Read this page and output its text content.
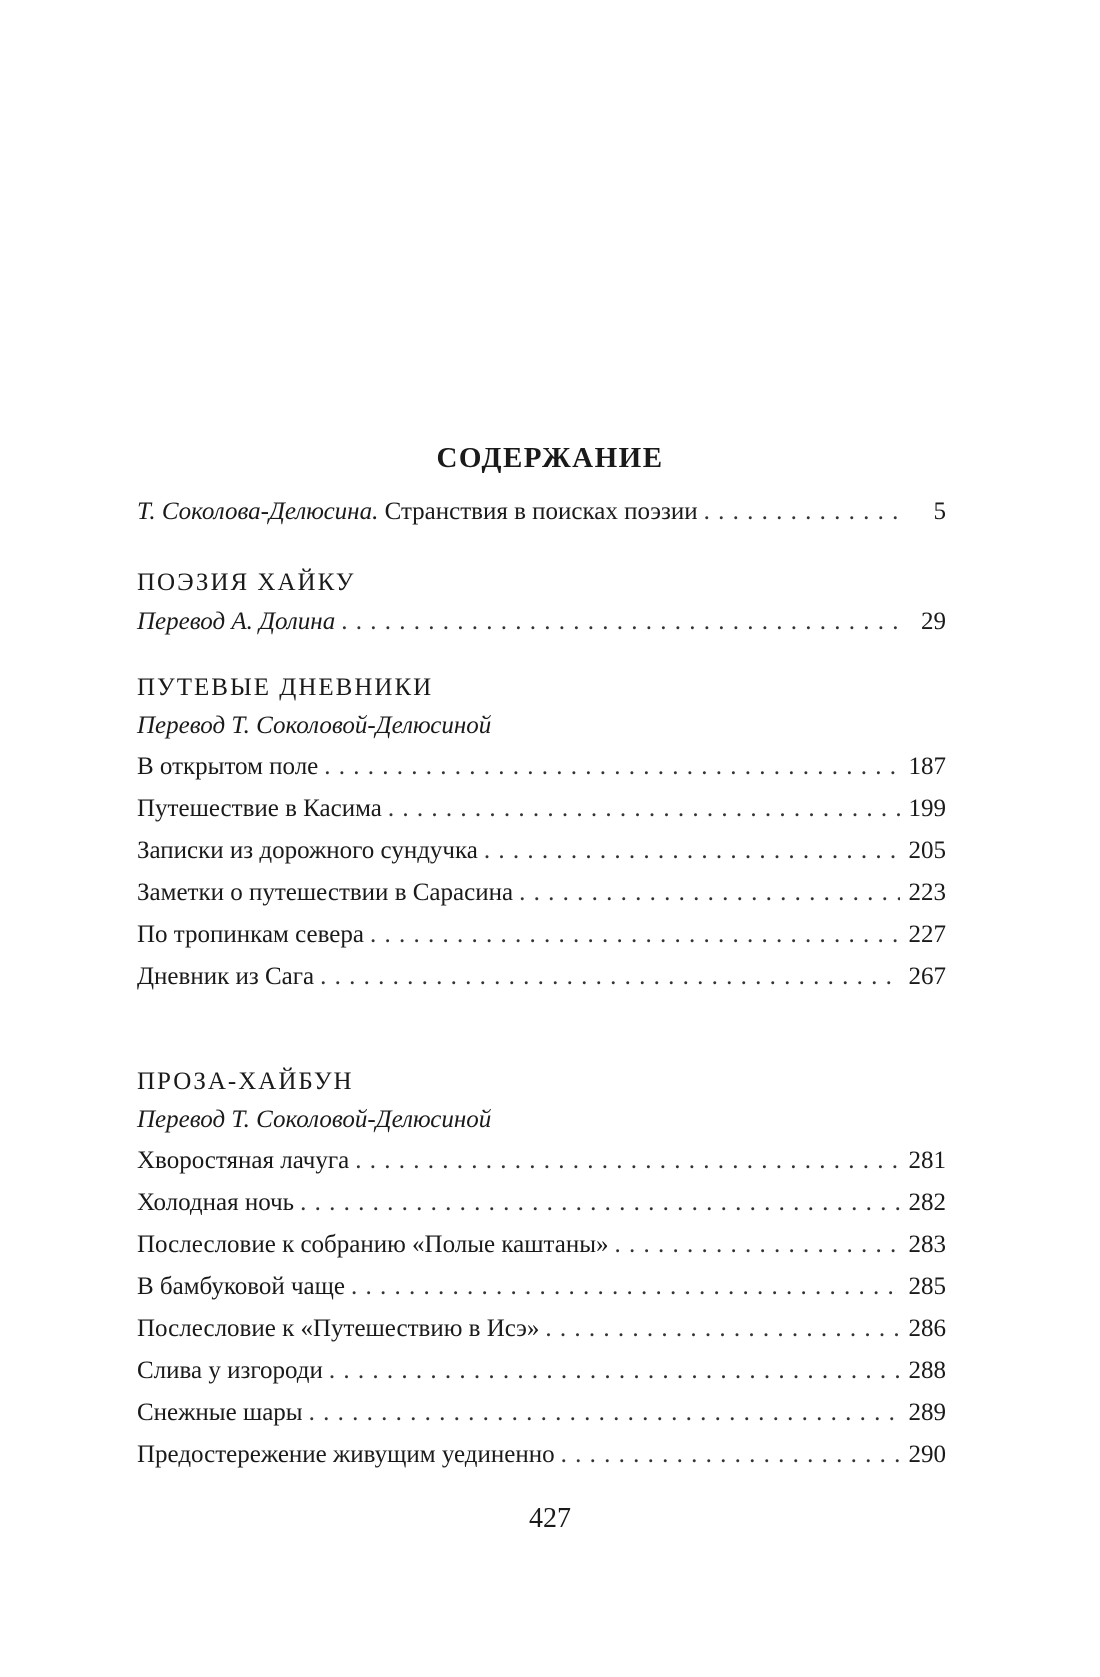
СОДЕРЖАНИЕ
Т. Соколова-Делюсина. Странствия в поисках поэзии . . .	5
ПОЭЗИЯ ХАЙКУ
Перевод А. Долина . . .	29
ПУТЕВЫЕ ДНЕВНИКИ
Перевод Т. Соколовой-Делюсиной
В открытом поле . . .	187
Путешествие в Касима . . .	199
Записки из дорожного сундучка . . .	205
Заметки о путешествии в Сарасина . . .	223
По тропинкам севера . . .	227
Дневник из Сага . . .	267
ПРОЗА-ХАЙБУН
Перевод Т. Соколовой-Делюсиной
Хворостяная лачуга . . .	281
Холодная ночь . . .	282
Послесловие к собранию «Полые каштаны» . . .	283
В бамбуковой чаще . . .	285
Послесловие к «Путешествию в Исэ» . . .	286
Слива у изгороди . . .	288
Снежные шары . . .	289
Предостережение живущим уединенно . . .	290
427
